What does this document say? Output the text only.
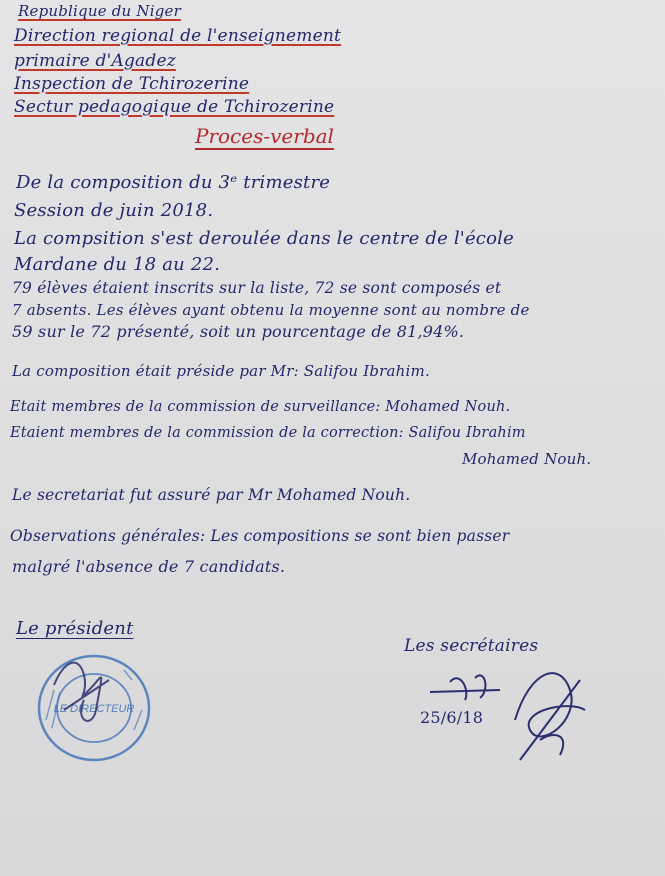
Republique du Niger
Direction regional de l'enseignement
primaire d'Agadez
Inspection de Tchirozerine
Sectur pedagogique de Tchirozerine
Proces-verbal
De la composition du 3ᵉ trimestre
Session de juin 2018.
La compsition s'est deroulée dans le centre de l'école
Mardane du 18 au 22.
79 élèves étaient inscrits sur la liste, 72 se sont composés et
7 absents. Les élèves ayant obtenu la moyenne sont au nombre de
59 sur le 72 présenté, soit un pourcentage de 81,94%.
La composition était préside par Mr: Salifou Ibrahim.
Etait membres de la commission de surveillance: Mohamed Nouh.
Etaient membres de la commission de la correction: Salifou Ibrahim
Mohamed Nouh.
Le secretariat fut assuré par Mr Mohamed Nouh.
Observations générales: Les compositions se sont bien passer
malgré l'absence de 7 candidats.
Le président
Les secrétaires
25/6/18
LE DIRECTEUR
